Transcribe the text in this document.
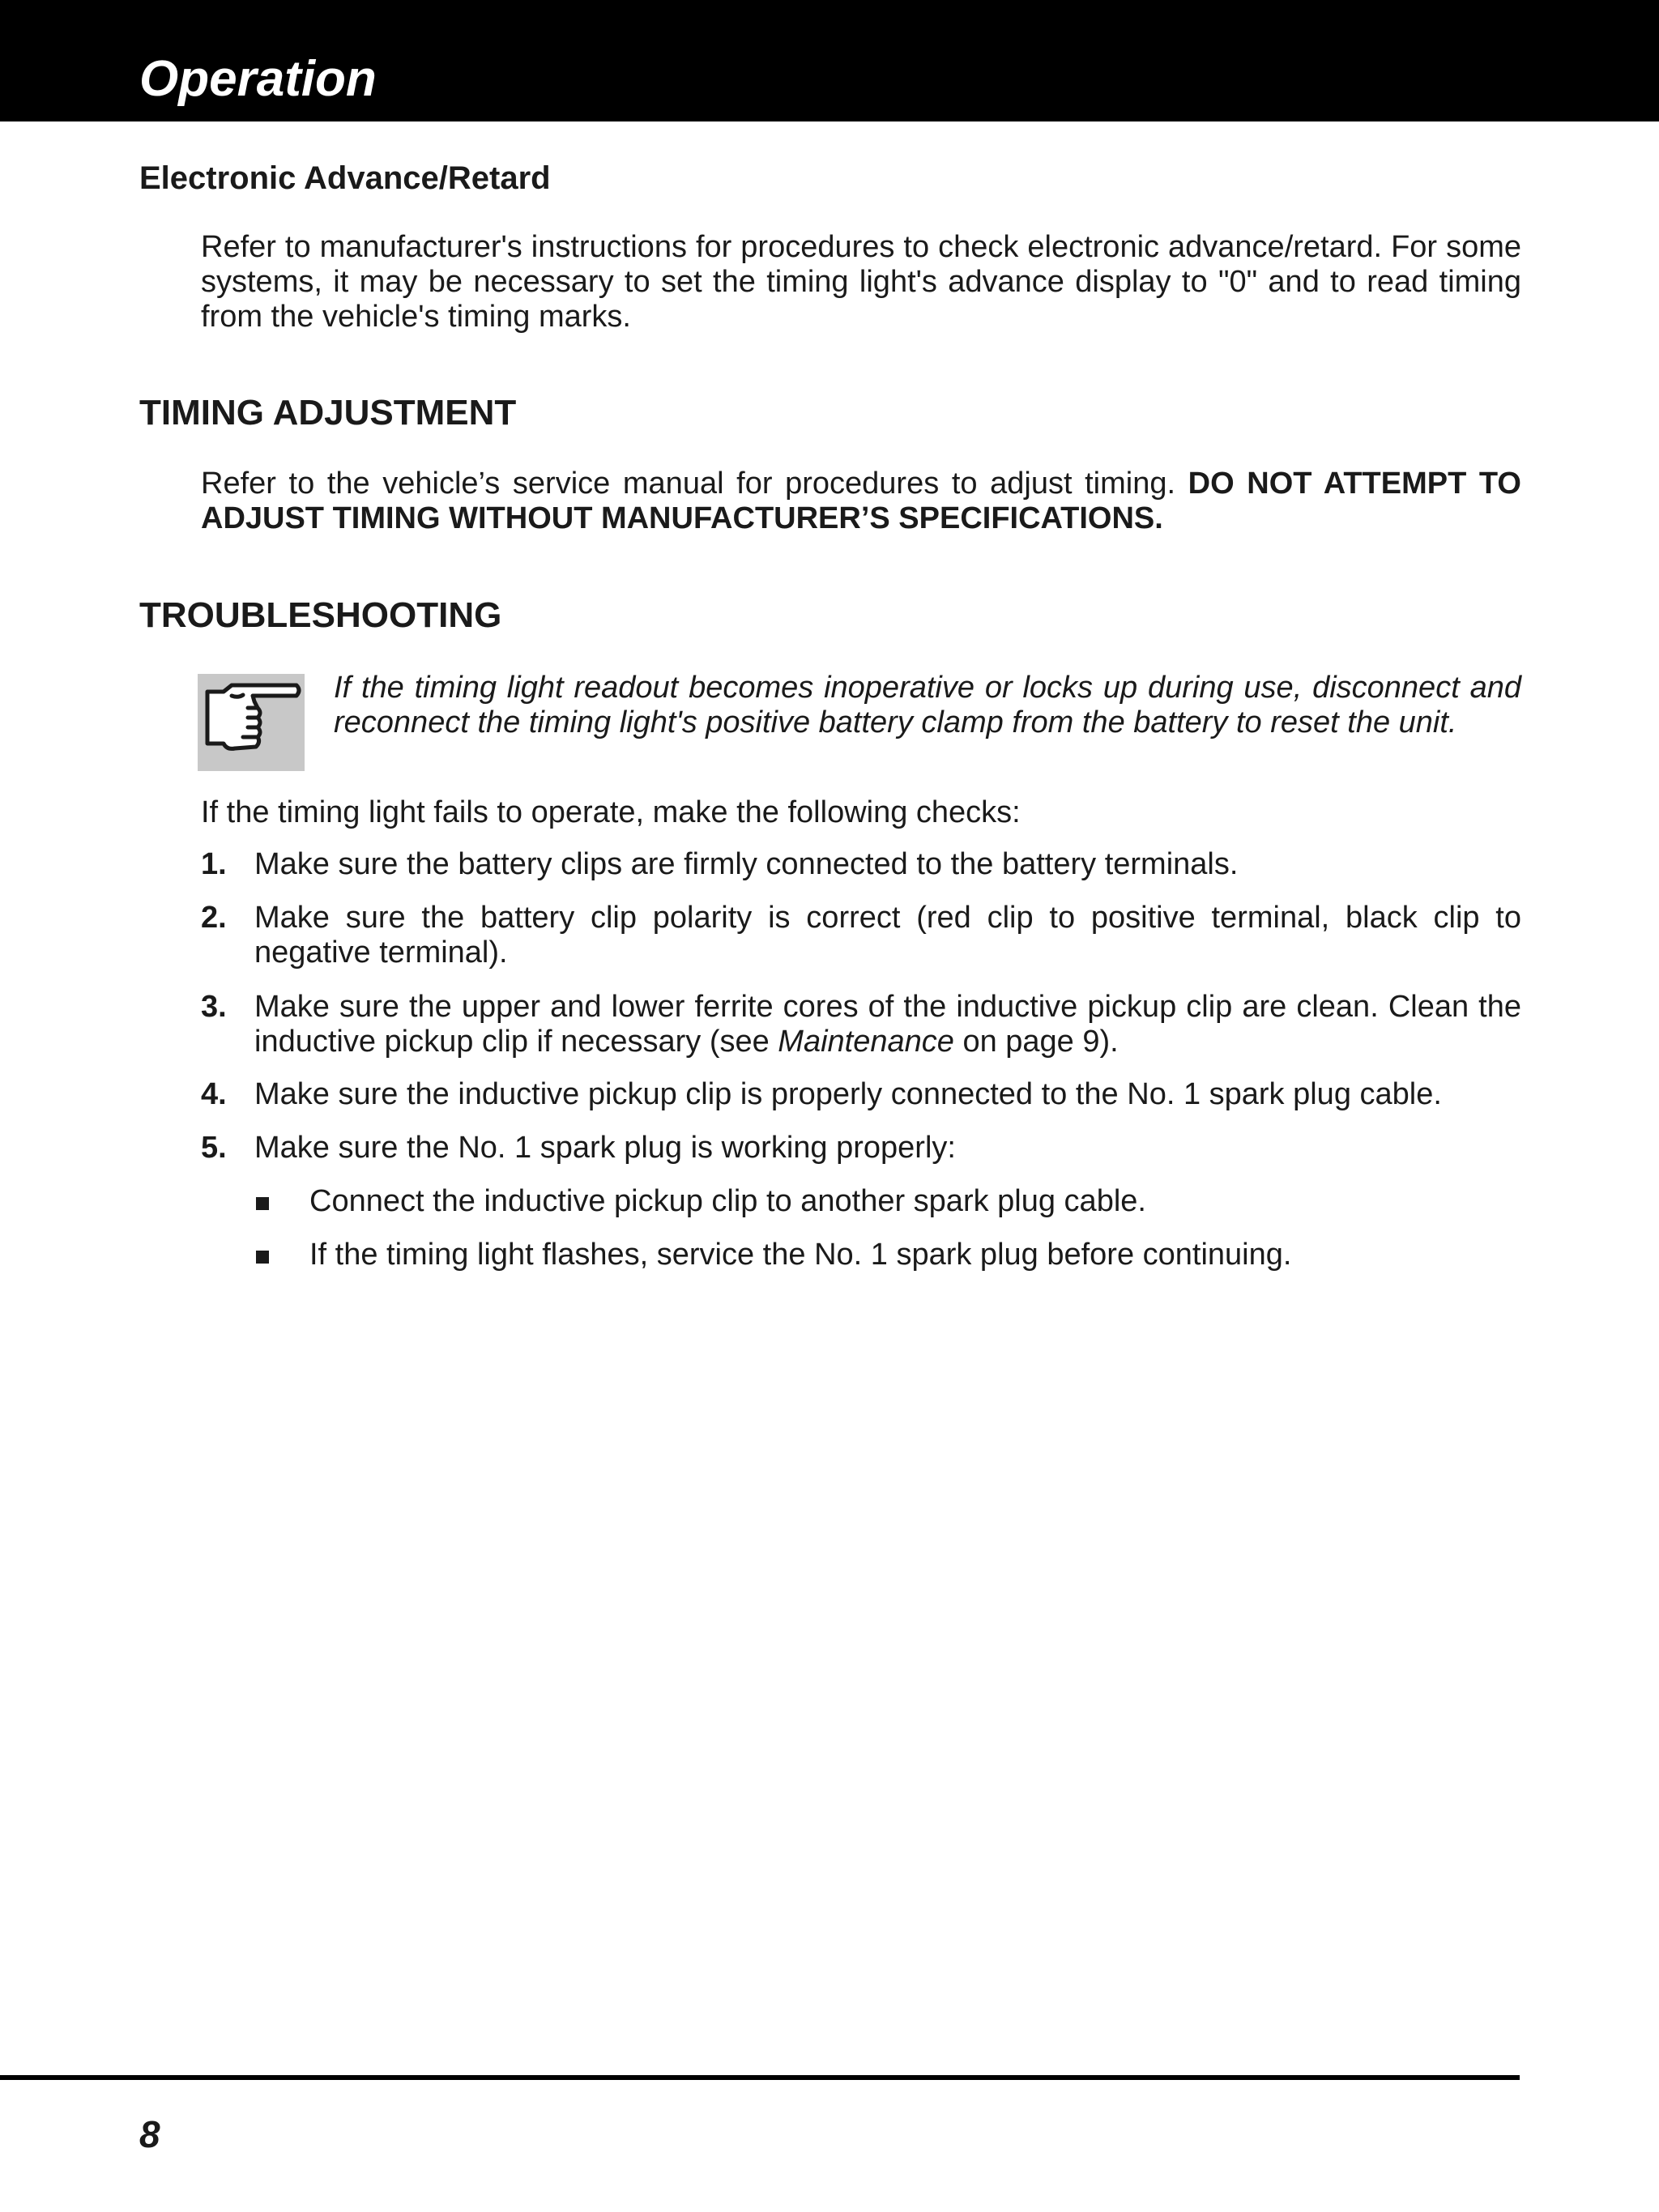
Operation
Electronic Advance/Retard
Refer to manufacturer's instructions for procedures to check electronic advance/retard. For some systems, it may be necessary to set the timing light's advance display to "0" and to read timing from the vehicle's timing marks.
TIMING ADJUSTMENT
Refer to the vehicle’s service manual for procedures to adjust timing. DO NOT ATTEMPT TO ADJUST TIMING WITHOUT MANUFACTURER’S SPECIFICATIONS.
TROUBLESHOOTING
If the timing light readout becomes inoperative or locks up during use, disconnect and reconnect the timing light's positive battery clamp from the battery to reset the unit.
If the timing light fails to operate, make the following checks:
1. Make sure the battery clips are firmly connected to the battery terminals.
2. Make sure the battery clip polarity is correct (red clip to positive terminal, black clip to negative terminal).
3. Make sure the upper and lower ferrite cores of the inductive pickup clip are clean. Clean the inductive pickup clip if necessary (see Maintenance on page 9).
4. Make sure the inductive pickup clip is properly connected to the No. 1 spark plug cable.
5. Make sure the No. 1 spark plug is working properly:
Connect the inductive pickup clip to another spark plug cable.
If the timing light flashes, service the No. 1 spark plug before continuing.
8
